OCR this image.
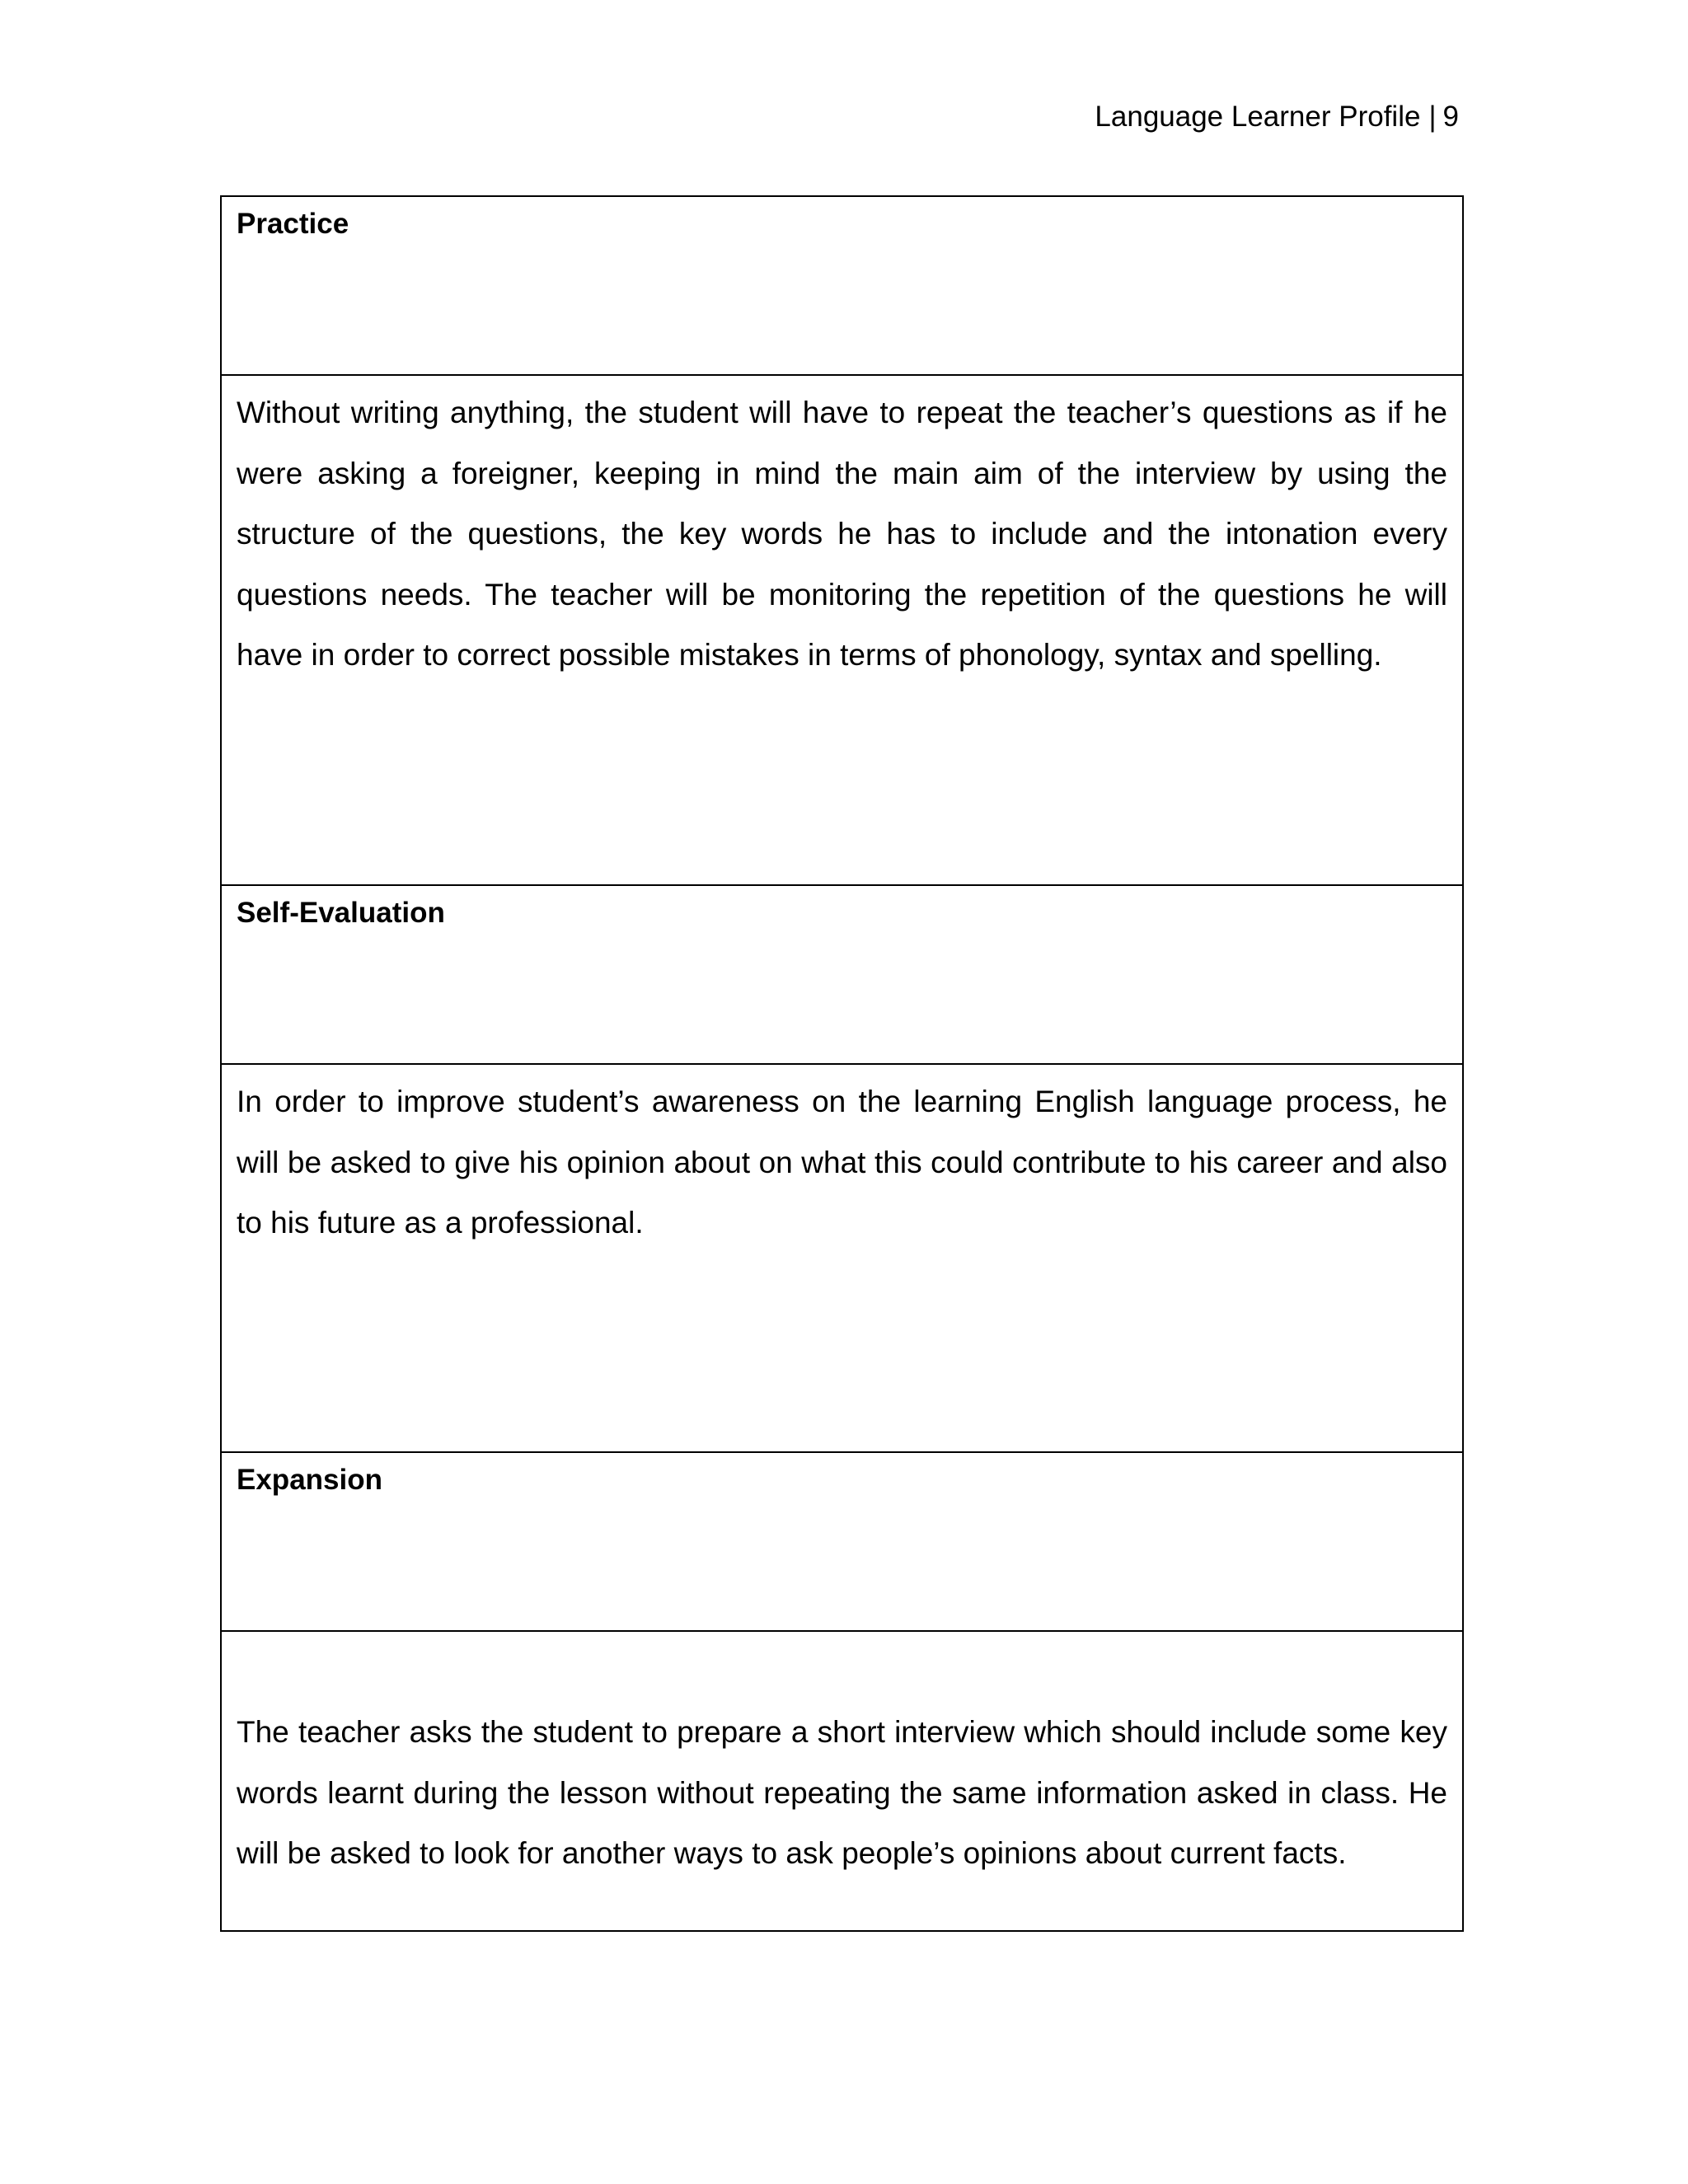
Language Learner Profile | 9
Practice

Without writing anything, the student will have to repeat the teacher’s questions as if he were asking a foreigner, keeping in mind the main aim of the interview by using the structure of the questions, the key words he has to include and the intonation every questions needs. The teacher will be monitoring the repetition of the questions he will have in order to correct possible mistakes in terms of phonology, syntax and spelling.

Self-Evaluation

In order to improve student’s awareness on the learning English language process, he will be asked to give his opinion about on what this could contribute to his career and also to his future as a professional.

Expansion

The teacher asks the student to prepare a short interview which should include some key words learnt during the lesson without repeating the same information asked in class. He will be asked to look for another ways to ask people’s opinions about current facts.
